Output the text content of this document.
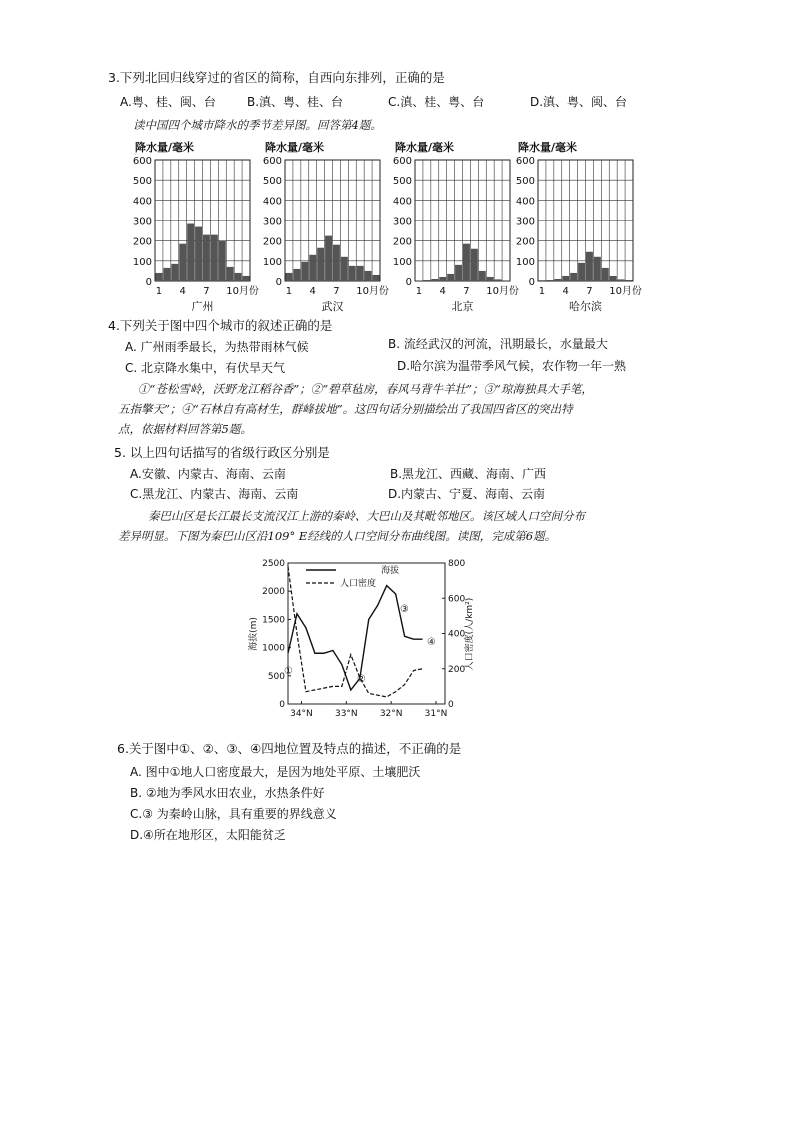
3.下列北回归线穿过的省区的简称，自西向东排列，正确的是
A.粤、桂、闽、台	B.滇、粤、桂、台	C.滇、桂、粤、台	D.滇、粤、闽、台
读中国四个城市降水的季节差异图。回答第4题。
降水量/毫米
600
500
400
300
200
100
0
1 4 7 10月份
广州
降水量/毫米
600
500
400
300
200
100
0
1 4 7 10月份
武汉
降水量/毫米
600
500
400
300
200
100
0
1 4 7 10月份
北京
降水量/毫米
600
500
400
300
200
100
0
1 4 7 10月份
哈尔滨
4.下列关于图中四个城市的叙述正确的是
A. 广州雨季最长，为热带雨林气候	B. 流经武汉的河流，汛期最长，水量最大
C. 北京降水集中，有伏旱天气	D.哈尔滨为温带季风气候，农作物一年一熟
①“苍松雪岭，沃野龙江稻谷香”；②“碧草毡房，春风马背牛羊壮”；③“琼海独具大手笔，
五指擎天”；④“石林自有高材生，群峰拔地”。这四句话分别描绘出了我国四省区的突出特
点，依据材料回答第5题。
5. 以上四句话描写的省级行政区分别是
A.安徽、内蒙古、海南、云南	B.黑龙江、西藏、海南、广西
C.黑龙江、内蒙古、海南、云南	D.内蒙古、宁夏、海南、云南
秦巴山区是长江最长支流汉江上游的秦岭、大巴山及其毗邻地区。该区域人口空间分布
差异明显。下图为秦巴山区沿109° E经线的人口空间分布曲线图。读图，完成第6题。
2500
2000
1500
1000
500
0
800
600
400
200
0
34°N 33°N 32°N 31°N
海拔(m)	人口密度(人/km²)
海拔
人口密度
①
②
③
④
6.关于图中①、②、③、④四地位置及特点的描述，不正确的是
A. 图中①地人口密度最大，是因为地处平原、土壤肥沃
B. ②地为季风水田农业，水热条件好
C.③ 为秦岭山脉，具有重要的界线意义
D.④所在地形区，太阳能贫乏
